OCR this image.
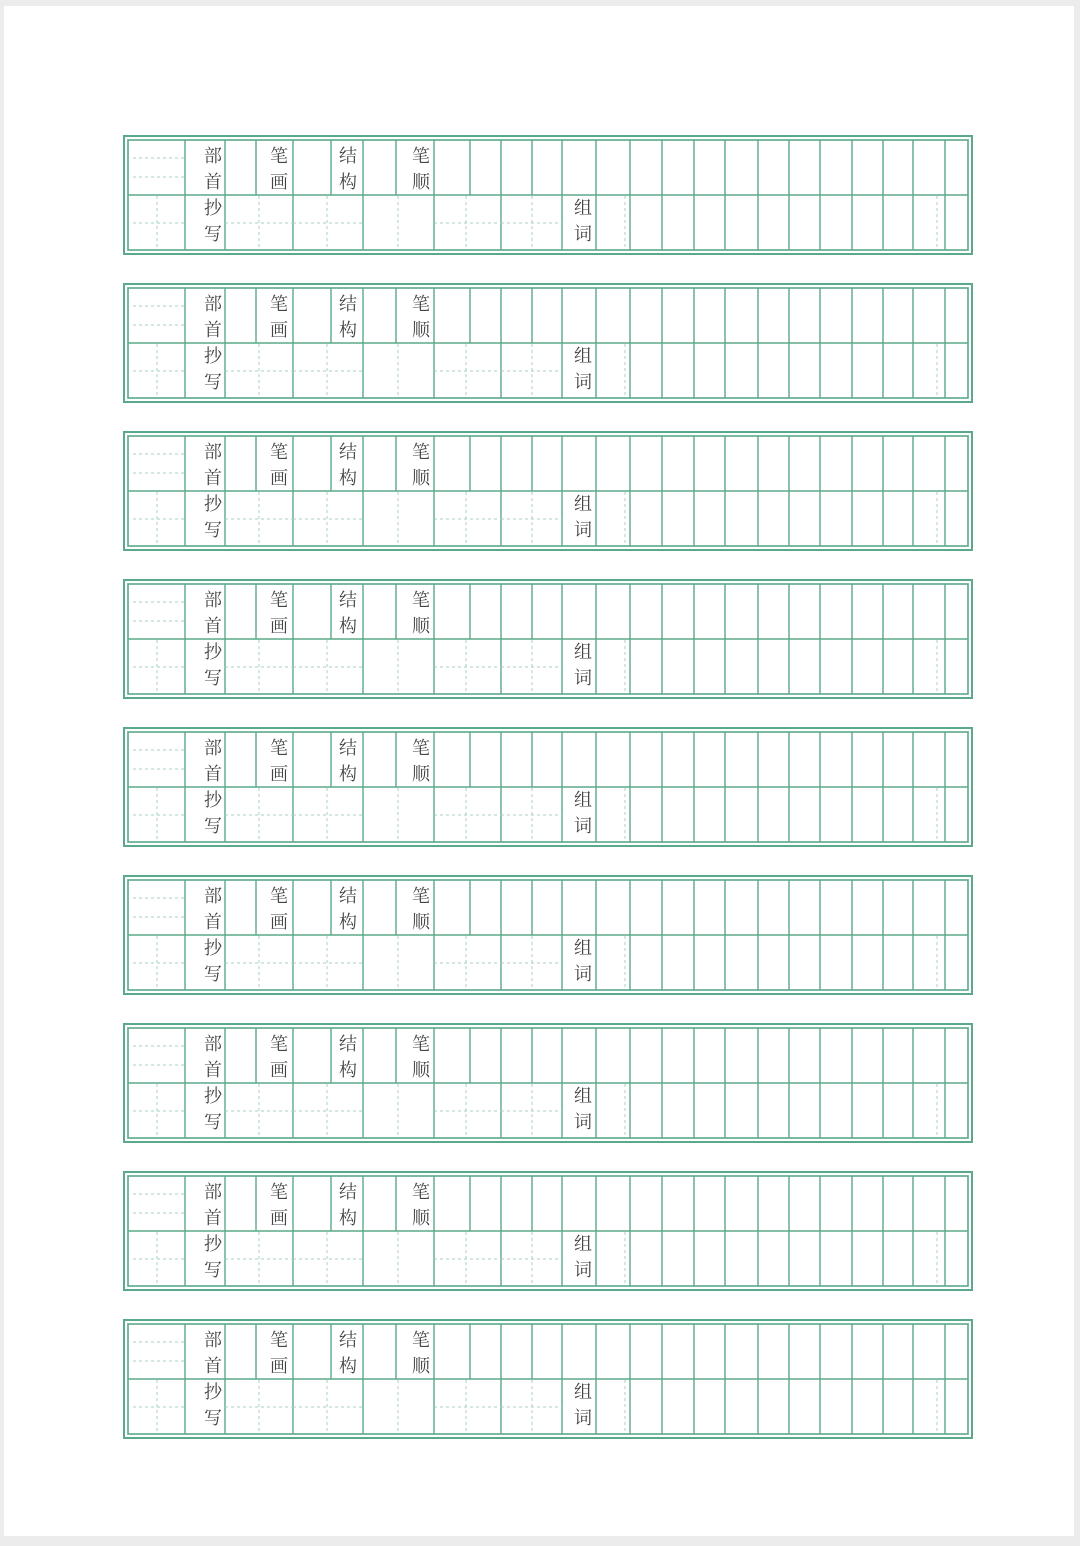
部
首
笔
画
结
构
笔
顺
抄
写
组
词
部
首
笔
画
结
构
笔
顺
抄
写
组
词
部
首
笔
画
结
构
笔
顺
抄
写
组
词
部
首
笔
画
结
构
笔
顺
抄
写
组
词
部
首
笔
画
结
构
笔
顺
抄
写
组
词
部
首
笔
画
结
构
笔
顺
抄
写
组
词
部
首
笔
画
结
构
笔
顺
抄
写
组
词
部
首
笔
画
结
构
笔
顺
抄
写
组
词
部
首
笔
画
结
构
笔
顺
抄
写
组
词
